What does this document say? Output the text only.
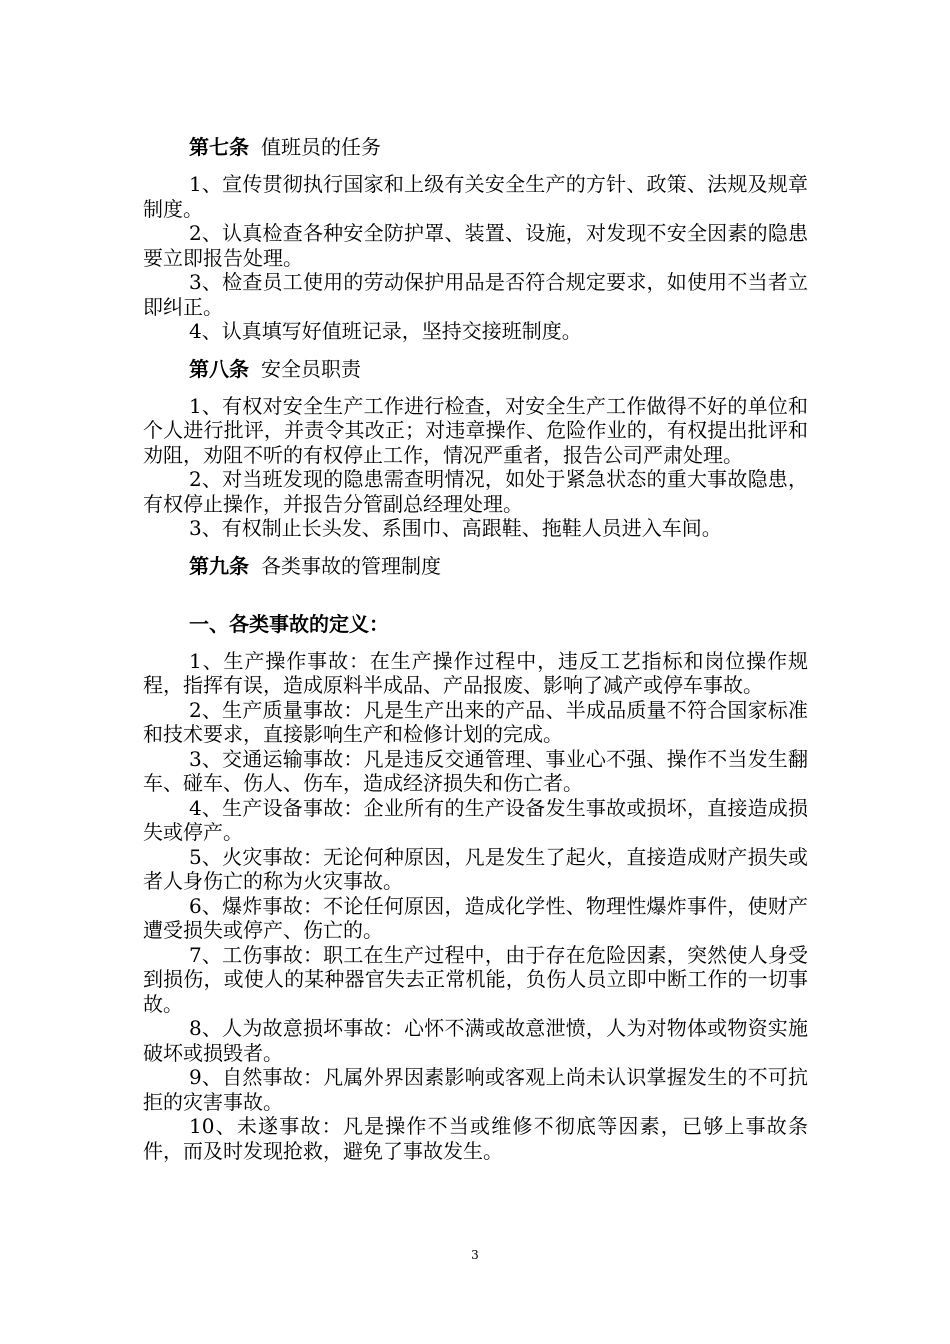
第七条 值班员的任务

1、宣传贯彻执行国家和上级有关安全生产的方针、政策、法规及规章制度。

2、认真检查各种安全防护罩、装置、设施，对发现不安全因素的隐患要立即报告处理。

3、检查员工使用的劳动保护用品是否符合规定要求，如使用不当者立即纠正。

4、认真填写好值班记录，坚持交接班制度。

第八条 安全员职责

1、有权对安全生产工作进行检查，对安全生产工作做得不好的单位和个人进行批评，并责令其改正；对违章操作、危险作业的，有权提出批评和劝阻，劝阻不听的有权停止工作，情况严重者，报告公司严肃处理。

2、对当班发现的隐患需查明情况，如处于紧急状态的重大事故隐患，有权停止操作，并报告分管副总经理处理。

3、有权制止长头发、系围巾、高跟鞋、拖鞋人员进入车间。

第九条 各类事故的管理制度

一、各类事故的定义：

1、生产操作事故：在生产操作过程中，违反工艺指标和岗位操作规程，指挥有误，造成原料半成品、产品报废、影响了减产或停车事故。

2、生产质量事故：凡是生产出来的产品、半成品质量不符合国家标准和技术要求，直接影响生产和检修计划的完成。

3、交通运输事故：凡是违反交通管理、事业心不强、操作不当发生翻车、碰车、伤人、伤车，造成经济损失和伤亡者。

4、生产设备事故：企业所有的生产设备发生事故或损坏，直接造成损失或停产。

5、火灾事故：无论何种原因，凡是发生了起火，直接造成财产损失或者人身伤亡的称为火灾事故。

6、爆炸事故：不论任何原因，造成化学性、物理性爆炸事件，使财产遭受损失或停产、伤亡的。

7、工伤事故：职工在生产过程中，由于存在危险因素，突然使人身受到损伤，或使人的某种器官失去正常机能，负伤人员立即中断工作的一切事故。

8、人为故意损坏事故：心怀不满或故意泄愤，人为对物体或物资实施破坏或损毁者。

9、自然事故：凡属外界因素影响或客观上尚未认识掌握发生的不可抗拒的灾害事故。

10、未遂事故：凡是操作不当或维修不彻底等因素，已够上事故条件，而及时发现抢救，避免了事故发生。

3
